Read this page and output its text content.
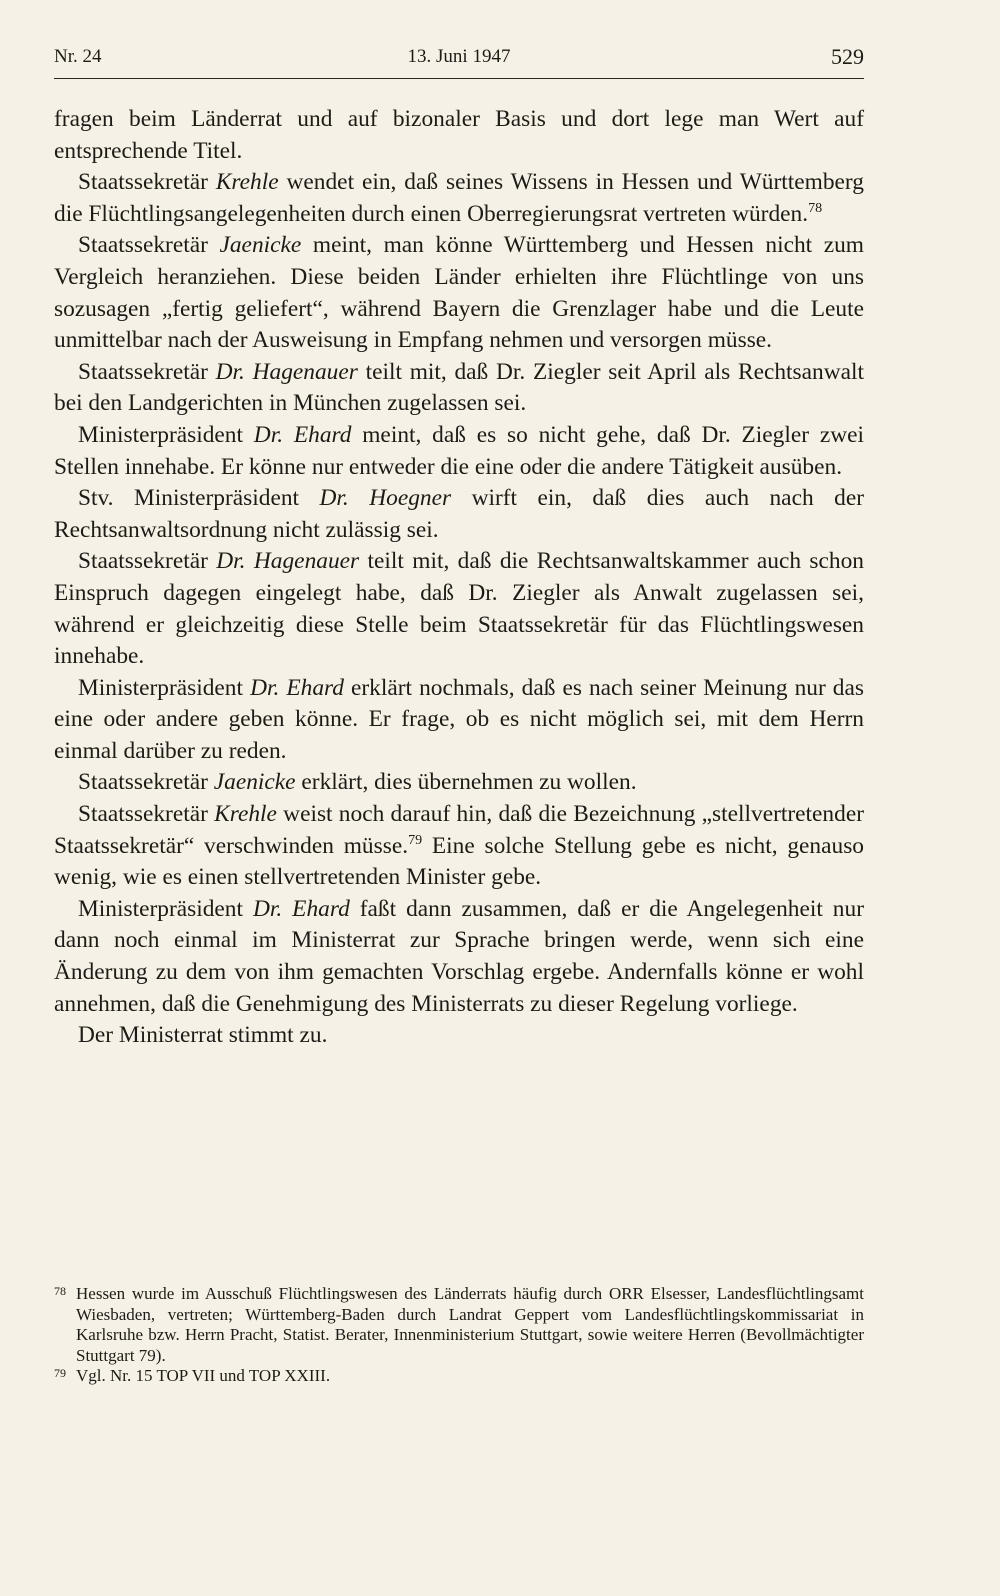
Nr. 24	13. Juni 1947	529

fragen beim Länderrat und auf bizonaler Basis und dort lege man Wert auf entsprechende Titel.

Staatssekretär Krehle wendet ein, daß seines Wissens in Hessen und Württemberg die Flüchtlingsangelegenheiten durch einen Oberregierungsrat vertreten würden.$^{78}$

Staatssekretär Jaenicke meint, man könne Württemberg und Hessen nicht zum Vergleich heranziehen. Diese beiden Länder erhielten ihre Flüchtlinge von uns sozusagen „fertig geliefert“, während Bayern die Grenzlager habe und die Leute unmittelbar nach der Ausweisung in Empfang nehmen und versorgen müsse.

Staatssekretär Dr. Hagenauer teilt mit, daß Dr. Ziegler seit April als Rechtsanwalt bei den Landgerichten in München zugelassen sei.

Ministerpräsident Dr. Ehard meint, daß es so nicht gehe, daß Dr. Ziegler zwei Stellen innehabe. Er könne nur entweder die eine oder die andere Tätigkeit ausüben.

Stv. Ministerpräsident Dr. Hoegner wirft ein, daß dies auch nach der Rechtsanwaltsordnung nicht zulässig sei.

Staatssekretär Dr. Hagenauer teilt mit, daß die Rechtsanwaltskammer auch schon Einspruch dagegen eingelegt habe, daß Dr. Ziegler als Anwalt zugelassen sei, während er gleichzeitig diese Stelle beim Staatssekretär für das Flüchtlingswesen innehabe.

Ministerpräsident Dr. Ehard erklärt nochmals, daß es nach seiner Meinung nur das eine oder andere geben könne. Er frage, ob es nicht möglich sei, mit dem Herrn einmal darüber zu reden.

Staatssekretär Jaenicke erklärt, dies übernehmen zu wollen.

Staatssekretär Krehle weist noch darauf hin, daß die Bezeichnung „stellvertretender Staatssekretär“ verschwinden müsse.$^{79}$ Eine solche Stellung gebe es nicht, genauso wenig, wie es einen stellvertretenden Minister gebe.

Ministerpräsident Dr. Ehard faßt dann zusammen, daß er die Angelegenheit nur dann noch einmal im Ministerrat zur Sprache bringen werde, wenn sich eine Änderung zu dem von ihm gemachten Vorschlag ergebe. Andernfalls könne er wohl annehmen, daß die Genehmigung des Ministerrats zu dieser Regelung vorliege.

Der Ministerrat stimmt zu.

78 Hessen wurde im Ausschuß Flüchtlingswesen des Länderrats häufig durch ORR Elsesser, Landesflüchtlingsamt Wiesbaden, vertreten; Württemberg-Baden durch Landrat Geppert vom Landesflüchtlingskommissariat in Karlsruhe bzw. Herrn Pracht, Statist. Berater, Innenministerium Stuttgart, sowie weitere Herren (Bevollmächtigter Stuttgart 79).

79 Vgl. Nr. 15 TOP VII und TOP XXIII.
